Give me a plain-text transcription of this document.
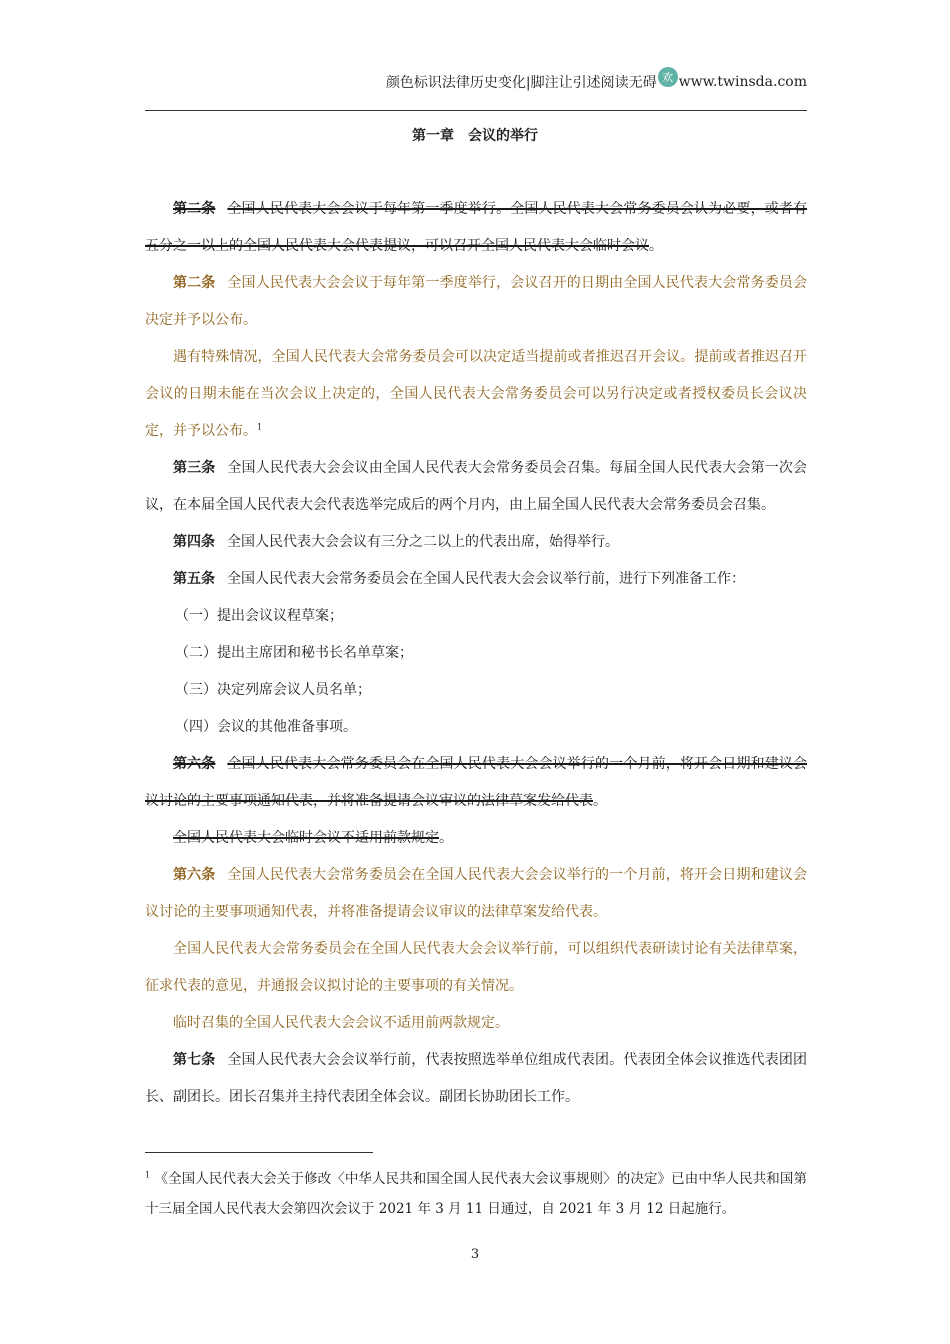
颜色标识法律历史变化|脚注让引述阅读无碍 欢 www.twinsda.com
第一章　会议的举行

第二条 全国人民代表大会会议于每年第一季度举行。全国人民代表大会常务委员会认为必要，或者有五分之一以上的全国人民代表大会代表提议，可以召开全国人民代表大会临时会议。

第二条 全国人民代表大会会议于每年第一季度举行，会议召开的日期由全国人民代表大会常务委员会决定并予以公布。

遇有特殊情况，全国人民代表大会常务委员会可以决定适当提前或者推迟召开会议。提前或者推迟召开会议的日期未能在当次会议上决定的，全国人民代表大会常务委员会可以另行决定或者授权委员长会议决定，并予以公布。$^1$

第三条 全国人民代表大会会议由全国人民代表大会常务委员会召集。每届全国人民代表大会第一次会议，在本届全国人民代表大会代表选举完成后的两个月内，由上届全国人民代表大会常务委员会召集。

第四条 全国人民代表大会会议有三分之二以上的代表出席，始得举行。

第五条 全国人民代表大会常务委员会在全国人民代表大会会议举行前，进行下列准备工作：

（一）提出会议议程草案；

（二）提出主席团和秘书长名单草案；

（三）决定列席会议人员名单；

（四）会议的其他准备事项。

第六条 全国人民代表大会常务委员会在全国人民代表大会会议举行的一个月前，将开会日期和建议会议讨论的主要事项通知代表，并将准备提请会议审议的法律草案发给代表。

全国人民代表大会临时会议不适用前款规定。

第六条 全国人民代表大会常务委员会在全国人民代表大会会议举行的一个月前，将开会日期和建议会议讨论的主要事项通知代表，并将准备提请会议审议的法律草案发给代表。

全国人民代表大会常务委员会在全国人民代表大会会议举行前，可以组织代表研读讨论有关法律草案，征求代表的意见，并通报会议拟讨论的主要事项的有关情况。

临时召集的全国人民代表大会会议不适用前两款规定。

第七条 全国人民代表大会会议举行前，代表按照选举单位组成代表团。代表团全体会议推选代表团团长、副团长。团长召集并主持代表团全体会议。副团长协助团长工作。

$^1$ 《全国人民代表大会关于修改〈中华人民共和国全国人民代表大会议事规则〉的决定》已由中华人民共和国第十三届全国人民代表大会第四次会议于 2021 年 3 月 11 日通过，自 2021 年 3 月 12 日起施行。
3
